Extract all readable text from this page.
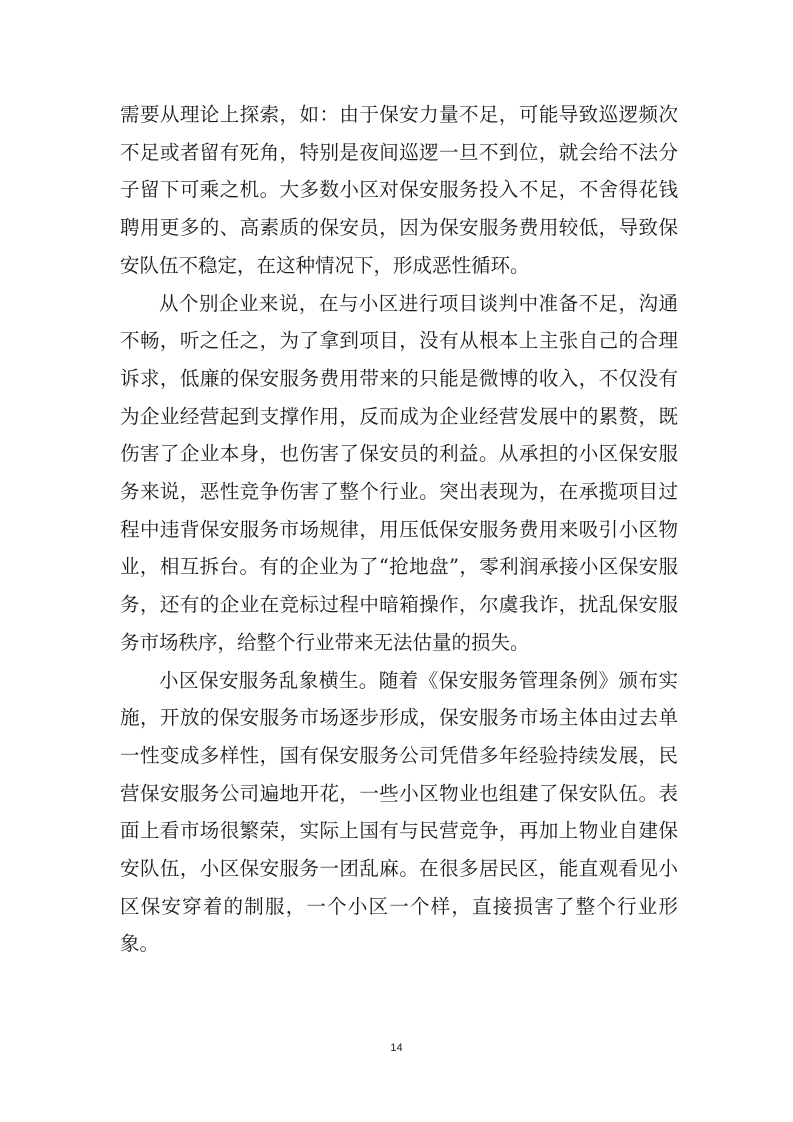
需要从理论上探索，如：由于保安力量不足，可能导致巡逻频次不足或者留有死角，特别是夜间巡逻一旦不到位，就会给不法分子留下可乘之机。大多数小区对保安服务投入不足，不舍得花钱聘用更多的、高素质的保安员，因为保安服务费用较低，导致保安队伍不稳定，在这种情况下，形成恶性循环。

从个别企业来说，在与小区进行项目谈判中准备不足，沟通不畅，听之任之，为了拿到项目，没有从根本上主张自己的合理诉求，低廉的保安服务费用带来的只能是微博的收入，不仅没有为企业经营起到支撑作用，反而成为企业经营发展中的累赘，既伤害了企业本身，也伤害了保安员的利益。从承担的小区保安服务来说，恶性竞争伤害了整个行业。突出表现为，在承揽项目过程中违背保安服务市场规律，用压低保安服务费用来吸引小区物业，相互拆台。有的企业为了“抢地盘”，零利润承接小区保安服务，还有的企业在竞标过程中暗箱操作，尔虞我诈，扰乱保安服务市场秩序，给整个行业带来无法估量的损失。

小区保安服务乱象横生。随着《保安服务管理条例》颁布实施，开放的保安服务市场逐步形成，保安服务市场主体由过去单一性变成多样性，国有保安服务公司凭借多年经验持续发展，民营保安服务公司遍地开花，一些小区物业也组建了保安队伍。表面上看市场很繁荣，实际上国有与民营竞争，再加上物业自建保安队伍，小区保安服务一团乱麻。在很多居民区，能直观看见小区保安穿着的制服，一个小区一个样，直接损害了整个行业形象。

14
